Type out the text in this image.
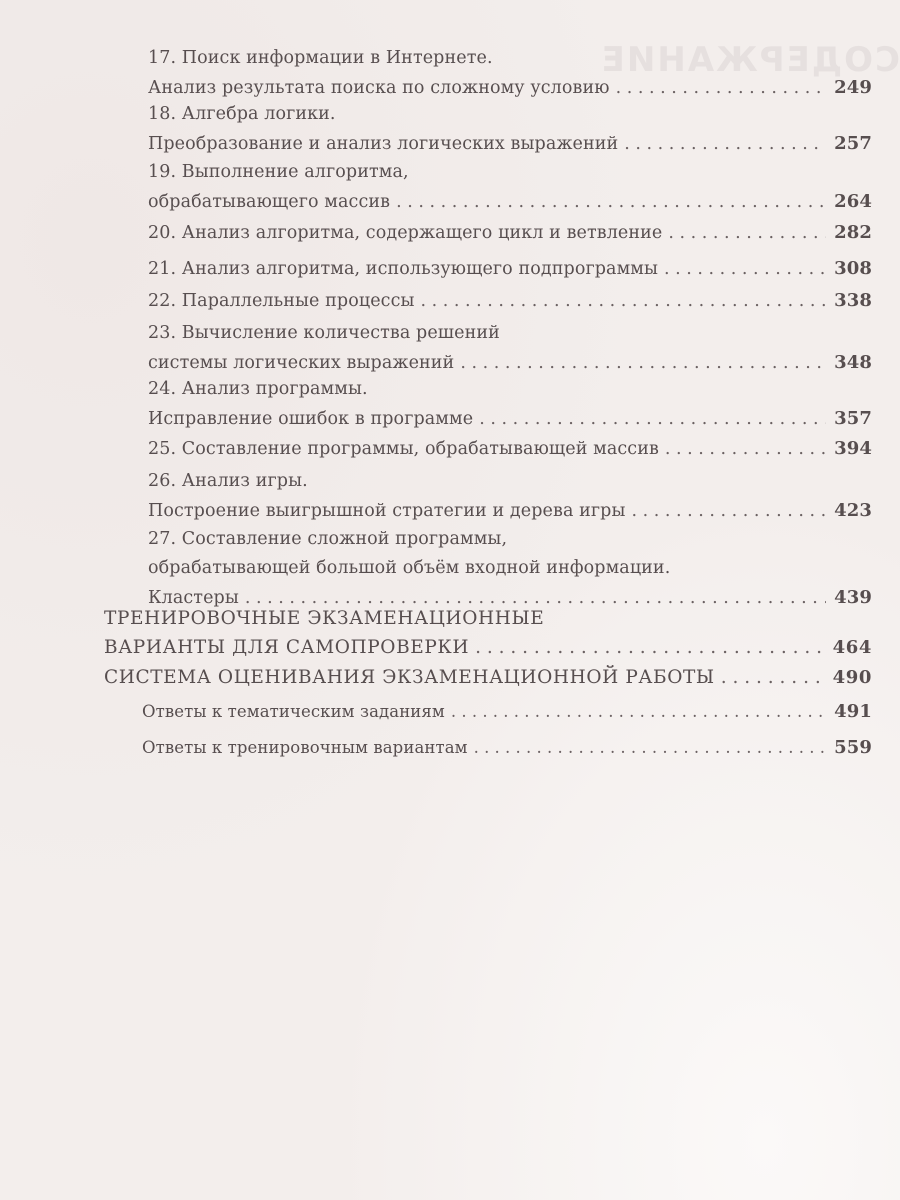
СОДЕРЖАНИЕ
17. Поиск информации в Интернете.
Анализ результата поиска по сложному условию . . .	249
18. Алгебра логики.
Преобразование и анализ логических выражений . . .	257
19. Выполнение алгоритма,
обрабатывающего массив . . .	264
20. Анализ алгоритма, содержащего цикл и ветвление . . .	282
21. Анализ алгоритма, использующего подпрограммы . . .	308
22. Параллельные процессы . . .	338
23. Вычисление количества решений
системы логических выражений . . .	348
24. Анализ программы.
Исправление ошибок в программе . . .	357
25. Составление программы, обрабатывающей массив . . .	394
26. Анализ игры.
Построение выигрышной стратегии и дерева игры . . .	423
27. Составление сложной программы,
обрабатывающей большой объём входной информации.
Кластеры . . .	439
ТРЕНИРОВОЧНЫЕ ЭКЗАМЕНАЦИОННЫЕ
ВАРИАНТЫ ДЛЯ САМОПРОВЕРКИ . . .	464
СИСТЕМА ОЦЕНИВАНИЯ ЭКЗАМЕНАЦИОННОЙ РАБОТЫ . . .	490
Ответы к тематическим заданиям . . .	491
Ответы к тренировочным вариантам . . .	559
